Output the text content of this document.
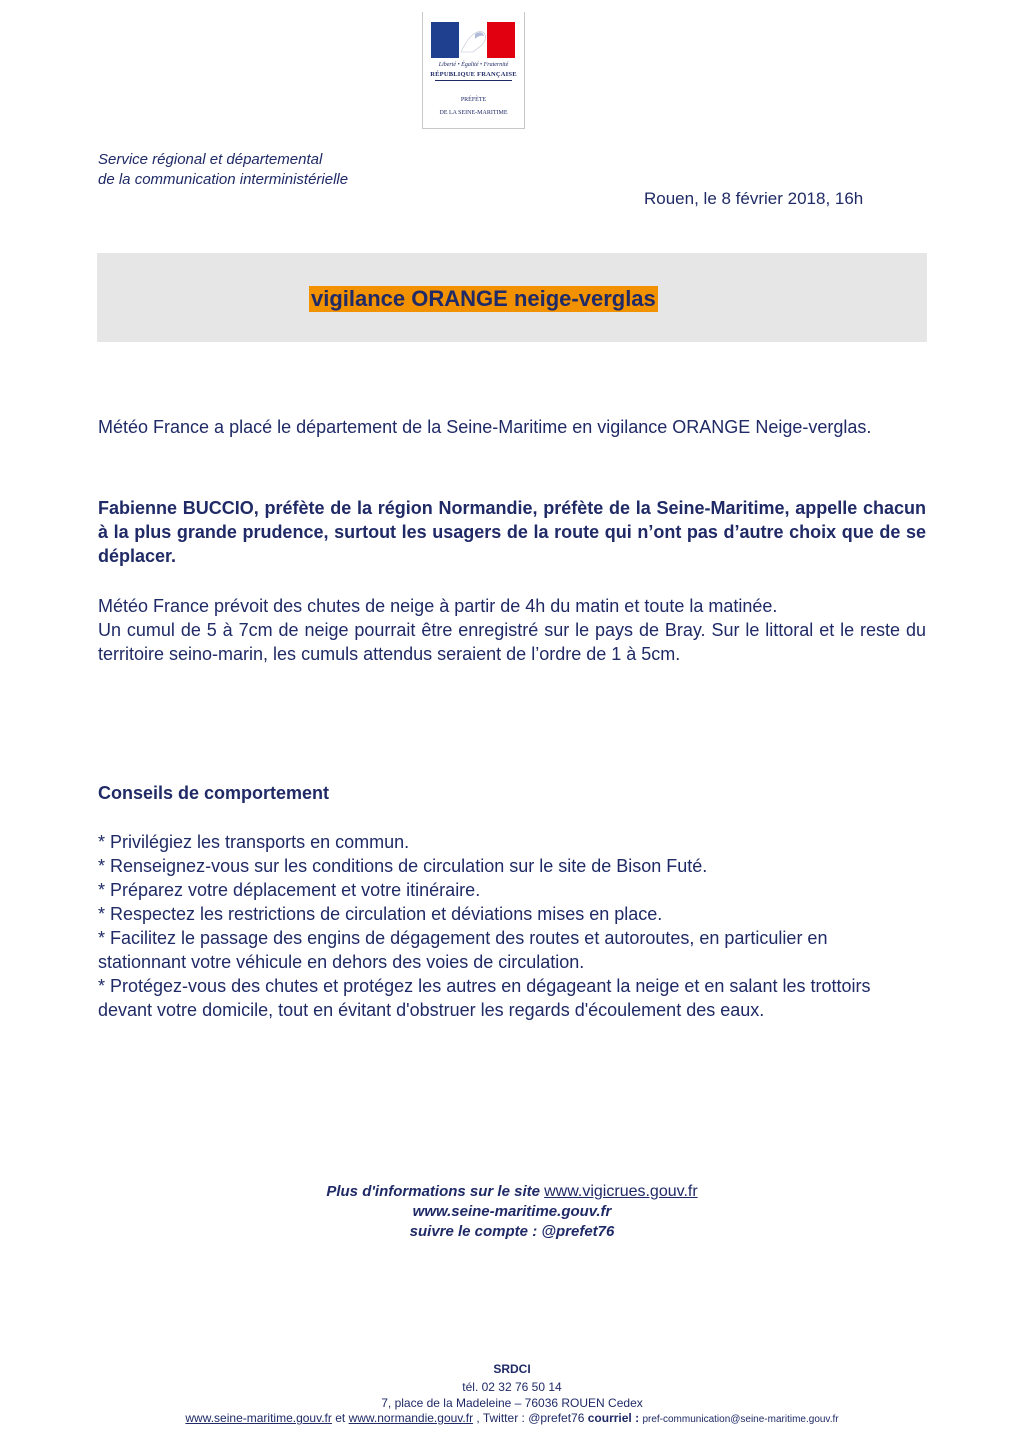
Liberté • Égalité • Fraternité
RÉPUBLIQUE FRANÇAISE
PRÉFÈTE
DE LA SEINE-MARITIME
Service régional et départemental
de la communication interministérielle
Rouen, le 8 février 2018, 16h
vigilance ORANGE neige-verglas

Météo France a placé le département de la Seine-Maritime en vigilance ORANGE Neige-verglas.

Fabienne BUCCIO, préfète de la région Normandie, préfète de la Seine-Maritime, appelle chacun à la plus grande prudence, surtout les usagers de la route qui n’ont pas d’autre choix que de se déplacer.

Météo France prévoit des chutes de neige à partir de 4h du matin et toute la matinée.
Un cumul de 5 à 7cm de neige pourrait être enregistré sur le pays de Bray. Sur le littoral et le reste du territoire seino-marin, les cumuls attendus seraient de l’ordre de 1 à 5cm.
Conseils de comportement
* Privilégiez les transports en commun.
* Renseignez-vous sur les conditions de circulation sur le site de Bison Futé.
* Préparez votre déplacement et votre itinéraire.
* Respectez les restrictions de circulation et déviations mises en place.
* Facilitez le passage des engins de dégagement des routes et autoroutes, en particulier en stationnant votre véhicule en dehors des voies de circulation.
* Protégez-vous des chutes et protégez les autres en dégageant la neige et en salant les trottoirs devant votre domicile, tout en évitant d'obstruer les regards d'écoulement des eaux.
Plus d'informations sur le site www.vigicrues.gouv.fr
www.seine-maritime.gouv.fr
suivre le compte : @prefet76
SRDCI
tél. 02 32 76 50 14
7, place de la Madeleine – 76036 ROUEN Cedex
www.seine-maritime.gouv.fr et www.normandie.gouv.fr , Twitter : @prefet76 courriel : pref-communication@seine-maritime.gouv.fr
